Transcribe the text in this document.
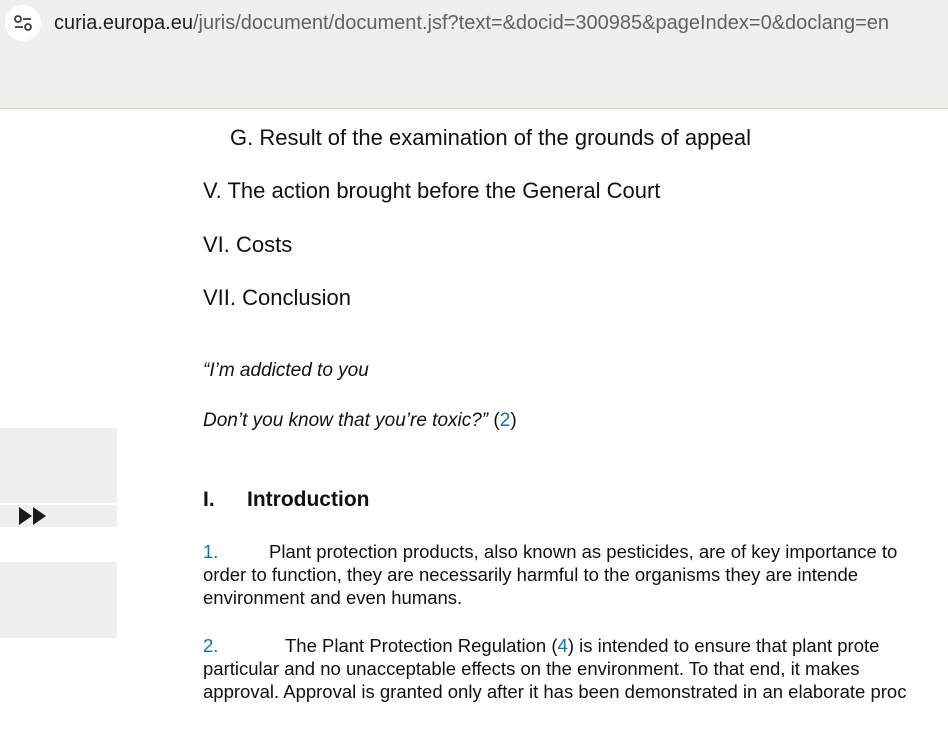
curia.europa.eu/juris/document/document.jsf?text=&docid=300985&pageIndex=0&doclang=en
G. Result of the examination of the grounds of appeal
V. The action brought before the General Court
VI. Costs
VII. Conclusion
“I’m addicted to you
Don’t you know that you’re toxic?” (2)
I. Introduction
1.	Plant protection products, also known as pesticides, are of key importance to
order to function, they are necessarily harmful to the organisms they are intende
environment and even humans.
2.	The Plant Protection Regulation (4) is intended to ensure that plant prote
particular and no unacceptable effects on the environment. To that end, it makes
approval. Approval is granted only after it has been demonstrated in an elaborate proc
